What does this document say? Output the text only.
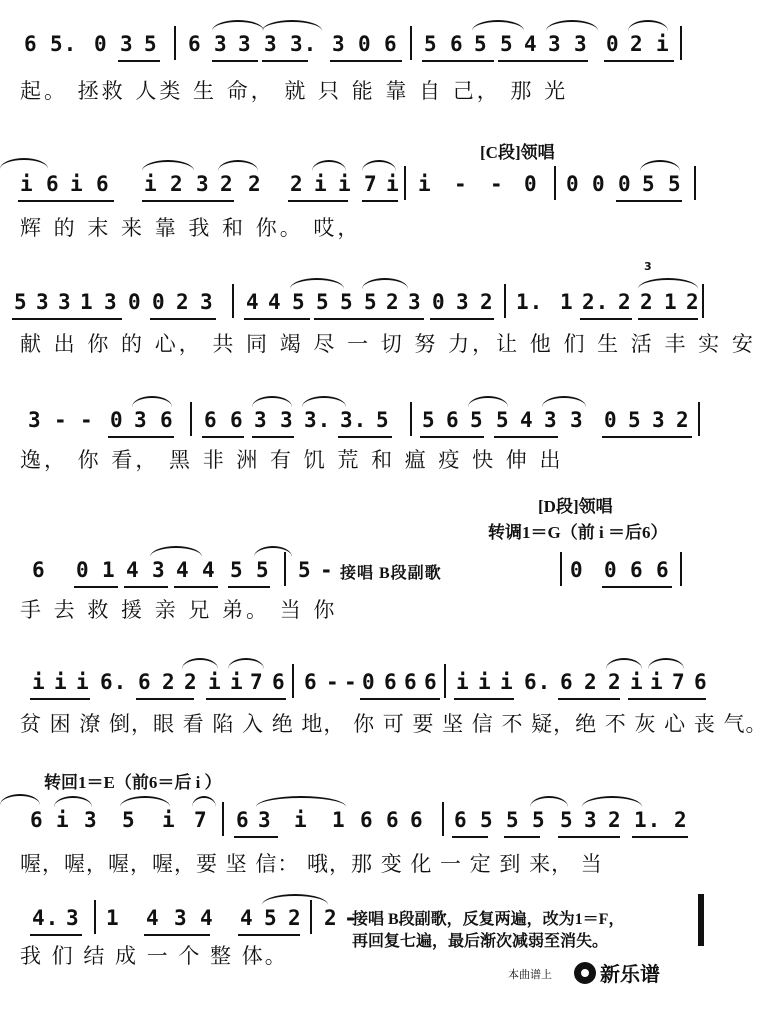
6 5. 0 3 5 6 3 3 3 3. 3 0 6 5 6 5 5 4 3 3 0 2 i
起。 拯救 人类 生 命， 就 只 能 靠 自 己， 那 光
[C段]领唱
i 6 i 6 i 2 3 2 2 2 i i 7 i i - - 0 0 0 0 5 5
辉 的 末 来 靠 我 和 你。 哎，
3
5 3 3 1 3 0 0 2 3 4 4 5 5 5 5 2 3 0 3 2 1. 1 2. 2 2 1 2
献 出 你 的 心， 共 同 竭 尽 一 切 努 力，让 他 们 生 活 丰 实 安
3 - - 0 3 6 6 6 3 3 3. 3. 5 5 6 5 5 4 3 3 0 5 3 2
逸， 你 看， 黑 非 洲 有 饥 荒 和 瘟 疫 快 伸 出
[D段]领唱
转调1＝G（前 i ＝后6）
6 0 1 4 3 4 4 5 5 5 - 接唱 B段副歌	0 0 6 6
手 去 救 援 亲 兄 弟。 当 你
i i i 6. 6 2 2 i i 7 6 6 - - 0 6 6 6 i i i 6. 6 2 2 i i 7 6
贫 困 潦 倒，眼 看 陷 入 绝 地， 你 可 要 坚 信 不 疑，绝 不 灰 心 丧 气。
转回1＝E（前6＝后 i ）
6 i 3 5 i 7 6 3 i 1 6 6 6 6 5 5 5 5 3 2 1. 2
喔，喔，喔，喔，要 坚 信： 哦，那 变 化 一 定 到 来， 当
4. 3 1 4 3 4 4 5 2 2 -
接唱 B段副歌，反复两遍，改为1＝F，
再回复七遍，最后渐次减弱至消失。
我 们 结 成 一 个 整 体。
本曲谱上 新乐谱
